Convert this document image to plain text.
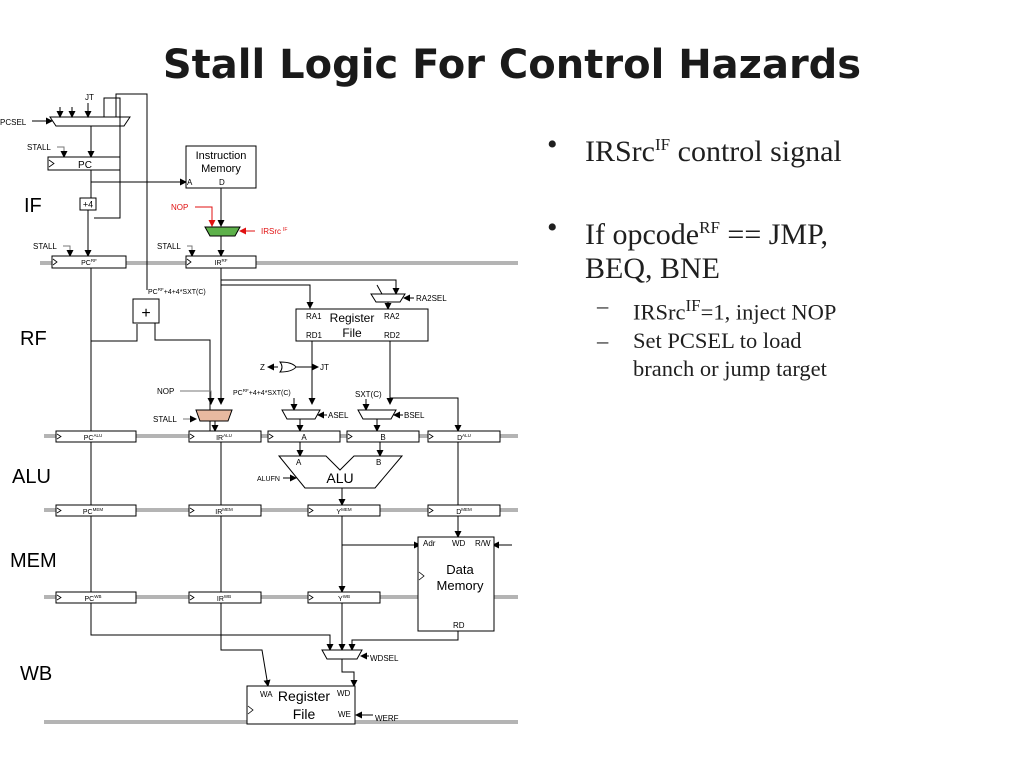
Stall Logic For Control Hazards
IF
RF
ALU
MEM
WB
PCSEL
JT
STALL
PC
+4
Instruction
Memory
A	D
NOP
IRSrc $^{IF}$
STALL	STALL
$PC^{RF}$	$IR^{RF}$
+
$PC^{RF}+4+4*SXT(C)$
RA2SEL
RA1	RA2
Register
File
RD1	RD2
Z	JT
NOP
STALL
$PC^{RF}+4+4*SXT(C)$
ASEL
SXT(C)
BSEL
$PC^{ALU}$	$IR^{ALU}$	A	B	$D^{ALU}$
A	B
ALU
ALUFN
$PC^{MEM}$	$IR^{MEM}$	$Y^{MEM}$	$D^{MEM}$
Adr WD R/W
Data
Memory
RD
$PC^{WB}$	$IR^{WB}$	$Y^{WB}$
WDSEL
WA	WD
Register
File	WE	WERF
• IRSrc$^{IF}$ control signal
• If opcode$^{RF}$ == JMP,
BEQ, BNE
– IRSrc$^{IF}$=1, inject NOP
– Set PCSEL to load
branch or jump target
